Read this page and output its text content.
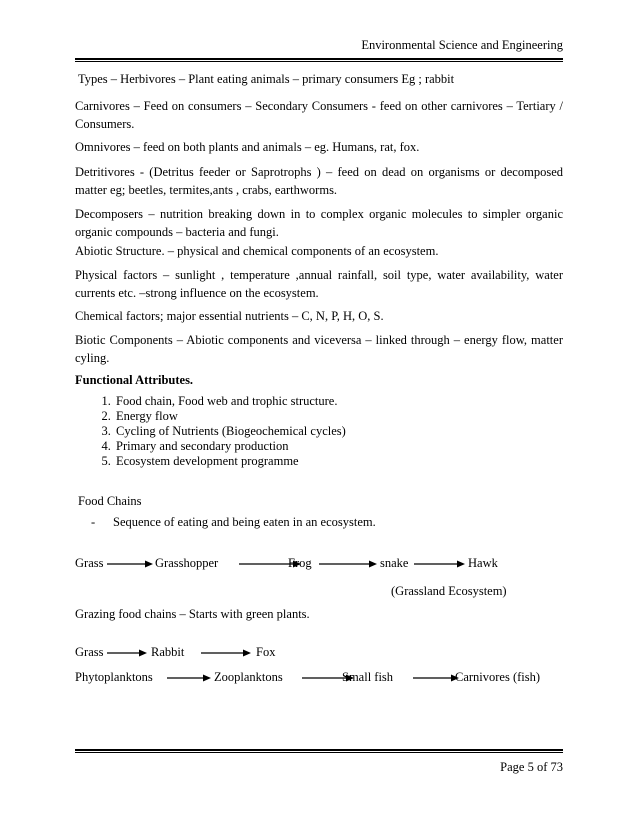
Environmental Science and Engineering
Types – Herbivores – Plant eating animals – primary consumers Eg ; rabbit
Carnivores – Feed on consumers – Secondary Consumers - feed on other carnivores – Tertiary / Consumers.
Omnivores – feed on both plants and animals – eg. Humans, rat, fox.
Detritivores - (Detritus feeder or Saprotrophs ) – feed on dead on organisms or decomposed matter eg; beetles, termites,ants , crabs, earthworms.
Decomposers – nutrition breaking down in to complex organic molecules to simpler organic organic compounds – bacteria and fungi.
Abiotic Structure. – physical and chemical components of an ecosystem.
Physical factors – sunlight , temperature ,annual rainfall, soil type, water availability, water currents etc. –strong influence on the ecosystem.
Chemical factors; major essential nutrients – C, N, P, H, O, S.
Biotic Components – Abiotic components and viceversa – linked through – energy flow, matter cyling.
Functional Attributes.
1. Food chain, Food web and trophic structure.
2. Energy flow
3. Cycling of Nutrients (Biogeochemical cycles)
4. Primary and secondary production
5. Ecosystem development programme
Food Chains
- Sequence of eating and being eaten in an ecosystem.
Grass	Grasshopper	Frog	snake	Hawk
(Grassland Ecosystem)
Grazing food chains – Starts with green plants.
Grass	Rabbit	Fox
Phytoplanktons	Zooplanktons	Small fish	Carnivores (fish)
Page 5 of 73
